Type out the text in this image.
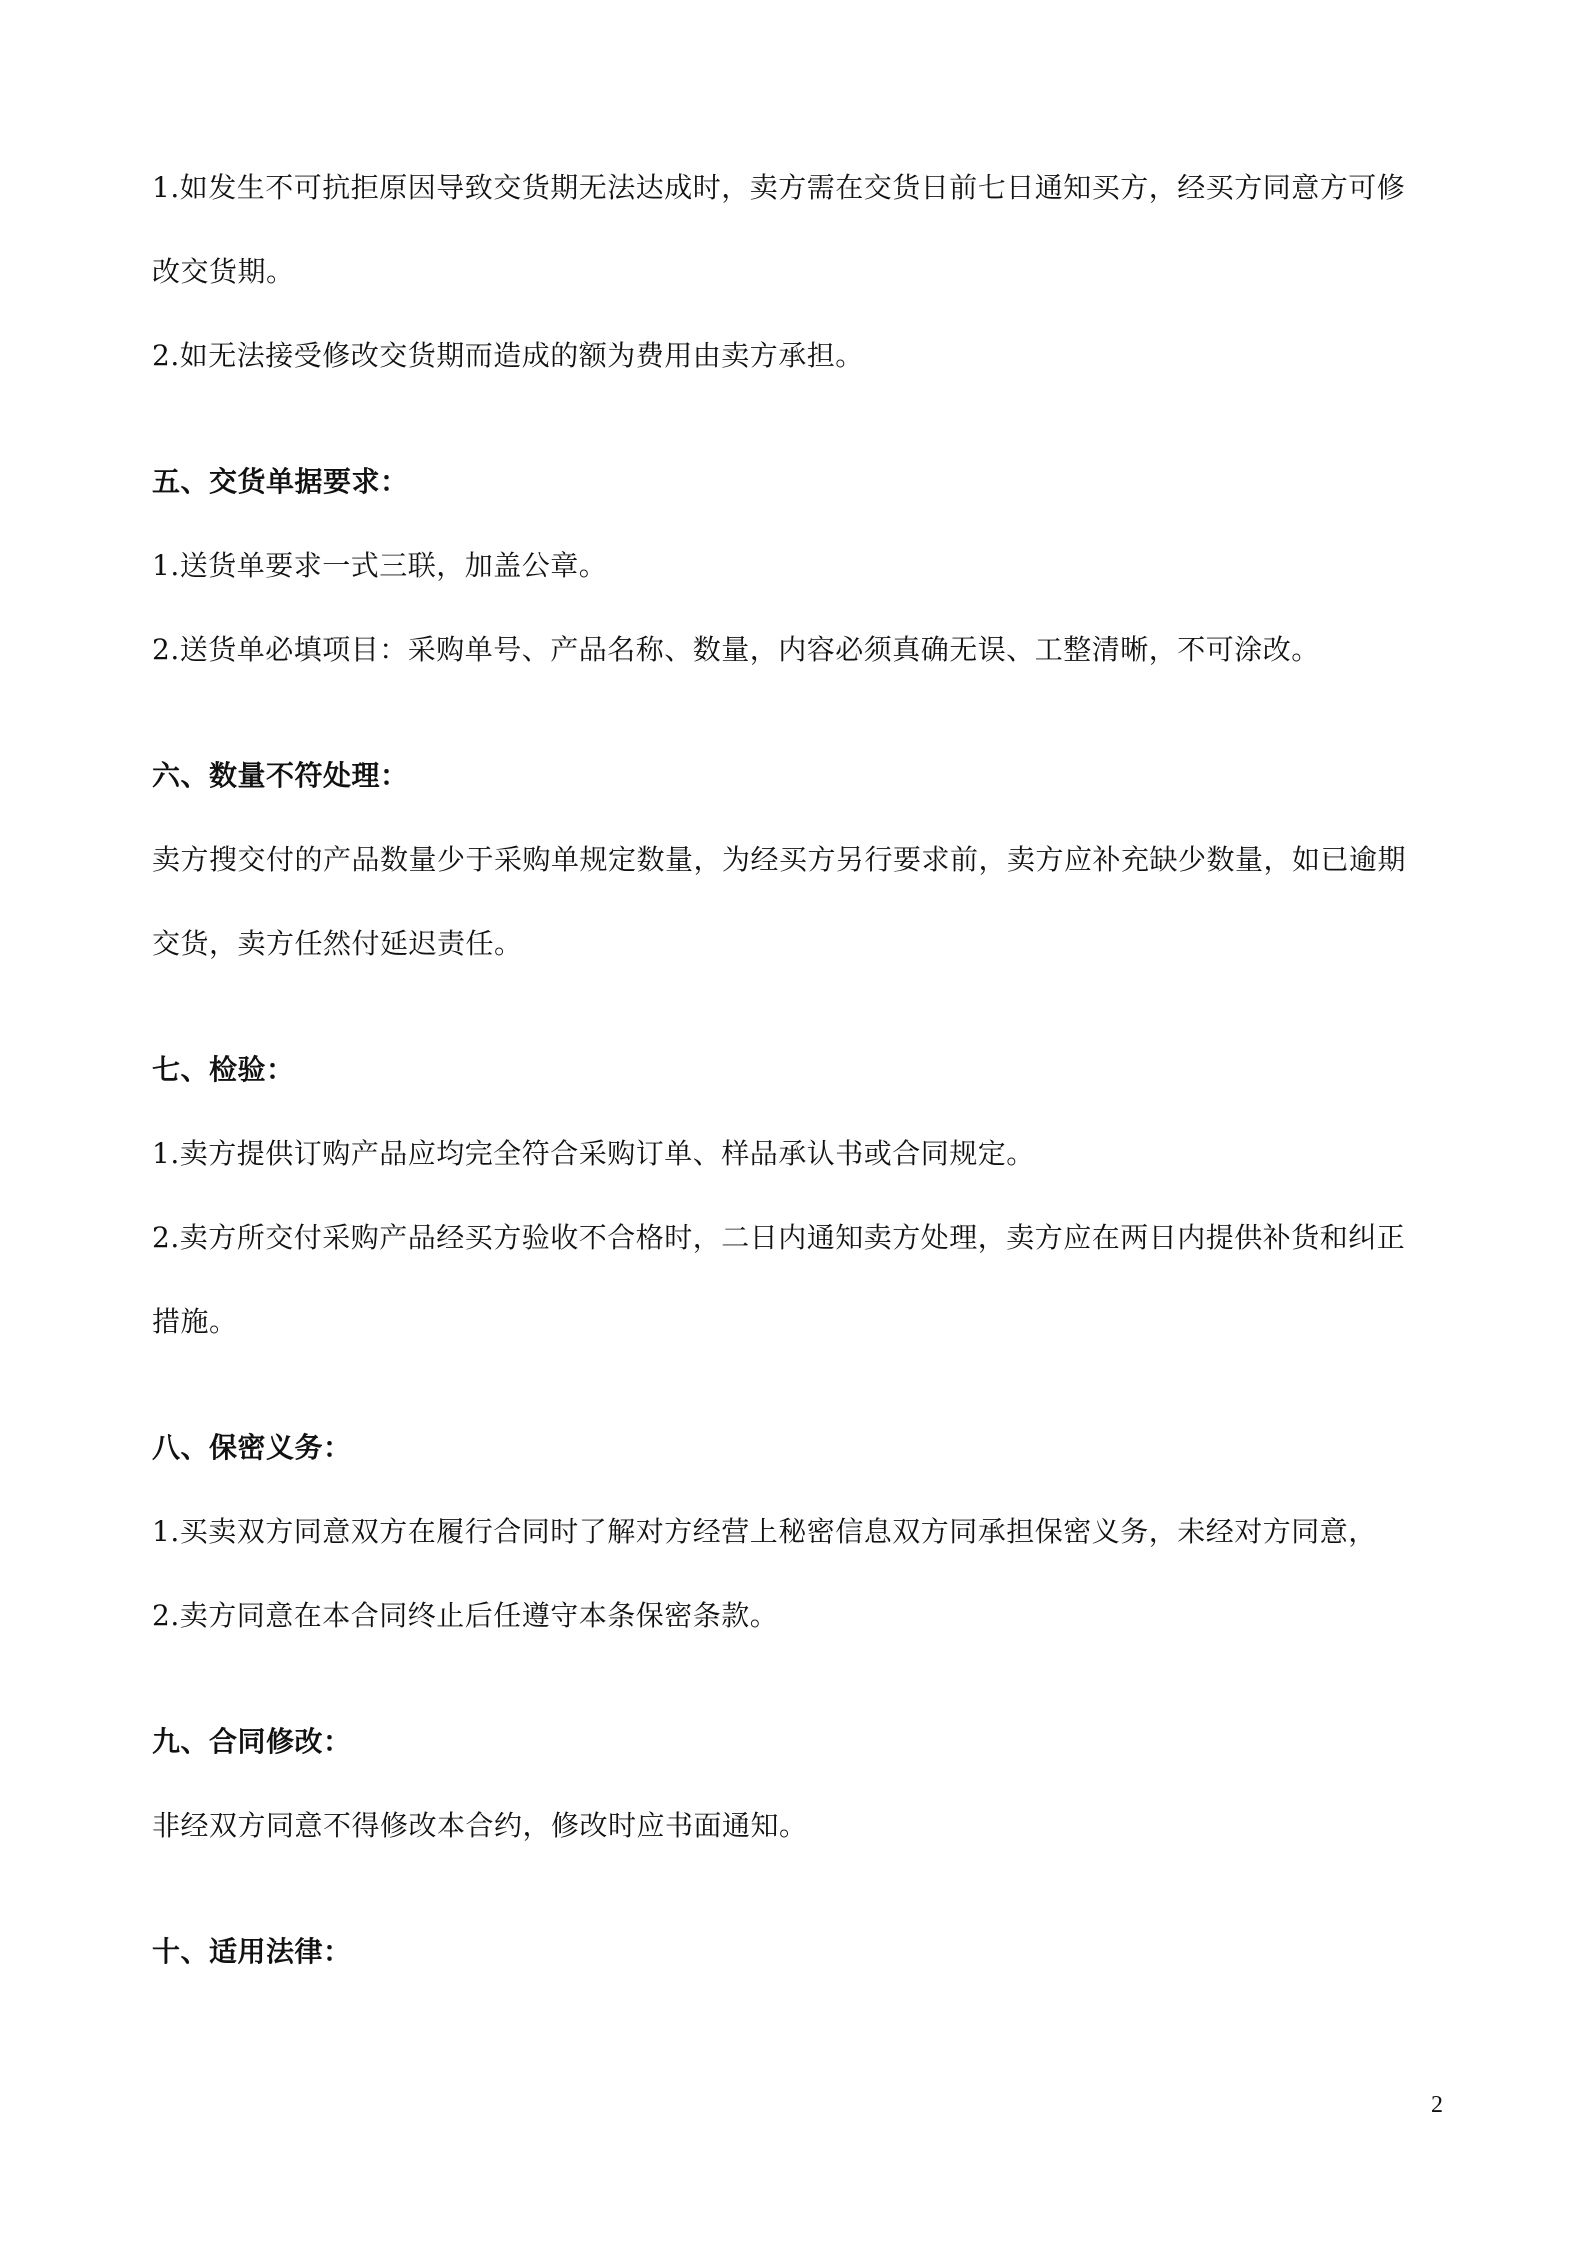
1.如发生不可抗拒原因导致交货期无法达成时，卖方需在交货日前七日通知买方，经买方同意方可修
改交货期。
2.如无法接受修改交货期而造成的额为费用由卖方承担。
五、交货单据要求：
1.送货单要求一式三联，加盖公章。
2.送货单必填项目：采购单号、产品名称、数量，内容必须真确无误、工整清晰，不可涂改。
六、数量不符处理：
卖方搜交付的产品数量少于采购单规定数量，为经买方另行要求前，卖方应补充缺少数量，如已逾期
交货，卖方任然付延迟责任。
七、检验：
1.卖方提供订购产品应均完全符合采购订单、样品承认书或合同规定。
2.卖方所交付采购产品经买方验收不合格时，二日内通知卖方处理，卖方应在两日内提供补货和纠正
措施。
八、保密义务：
1.买卖双方同意双方在履行合同时了解对方经营上秘密信息双方同承担保密义务，未经对方同意，
2.卖方同意在本合同终止后任遵守本条保密条款。
九、合同修改：
非经双方同意不得修改本合约，修改时应书面通知。
十、适用法律：
2
